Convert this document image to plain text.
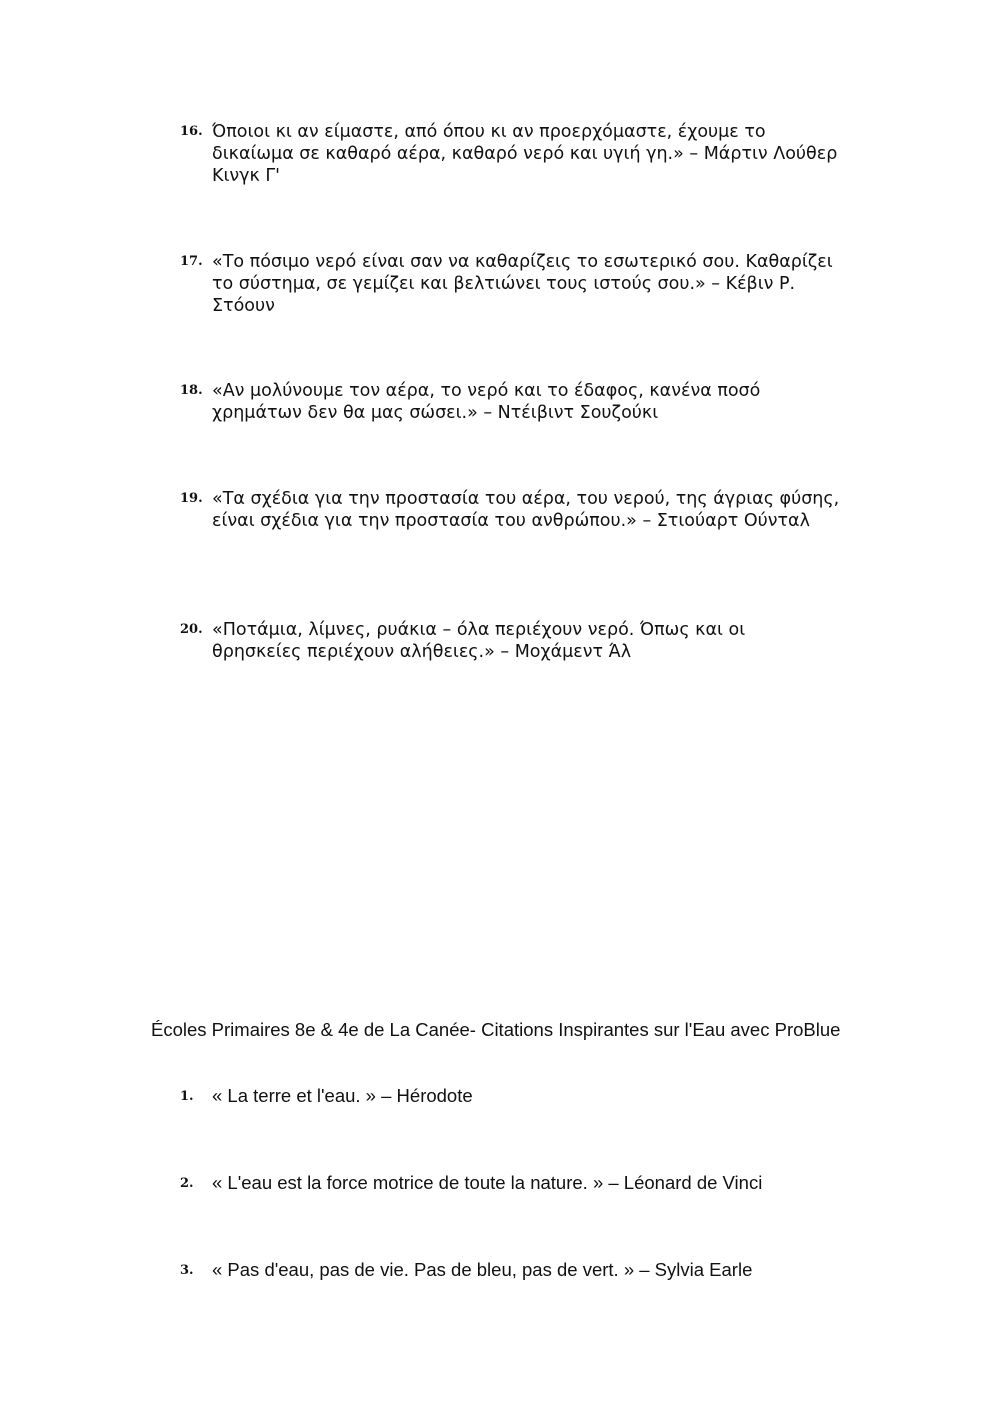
16. Όποιοι κι αν είμαστε, από όπου κι αν προερχόμαστε, έχουμε το δικαίωμα σε καθαρό αέρα, καθαρό νερό και υγιή γη.» – Μάρτιν Λούθερ Κινγκ Γ'
17. «Το πόσιμο νερό είναι σαν να καθαρίζεις το εσωτερικό σου. Καθαρίζει το σύστημα, σε γεμίζει και βελτιώνει τους ιστούς σου.» – Κέβιν Ρ. Στόουν
18. «Αν μολύνουμε τον αέρα, το νερό και το έδαφος, κανένα ποσό χρημάτων δεν θα μας σώσει.» – Ντέιβιντ Σουζούκι
19. «Τα σχέδια για την προστασία του αέρα, του νερού, της άγριας φύσης, είναι σχέδια για την προστασία του ανθρώπου.» – Στιούαρτ Ούνταλ
20. «Ποτάμια, λίμνες, ρυάκια – όλα περιέχουν νερό. Όπως και οι θρησκείες περιέχουν αλήθειες.» – Μοχάμεντ Άλ
Écoles Primaires 8e & 4e de La Canée- Citations Inspirantes sur l'Eau avec ProBlue
1. « La terre et l'eau. » – Hérodote
2. « L'eau est la force motrice de toute la nature. » – Léonard de Vinci
3. « Pas d'eau, pas de vie. Pas de bleu, pas de vert. » – Sylvia Earle
